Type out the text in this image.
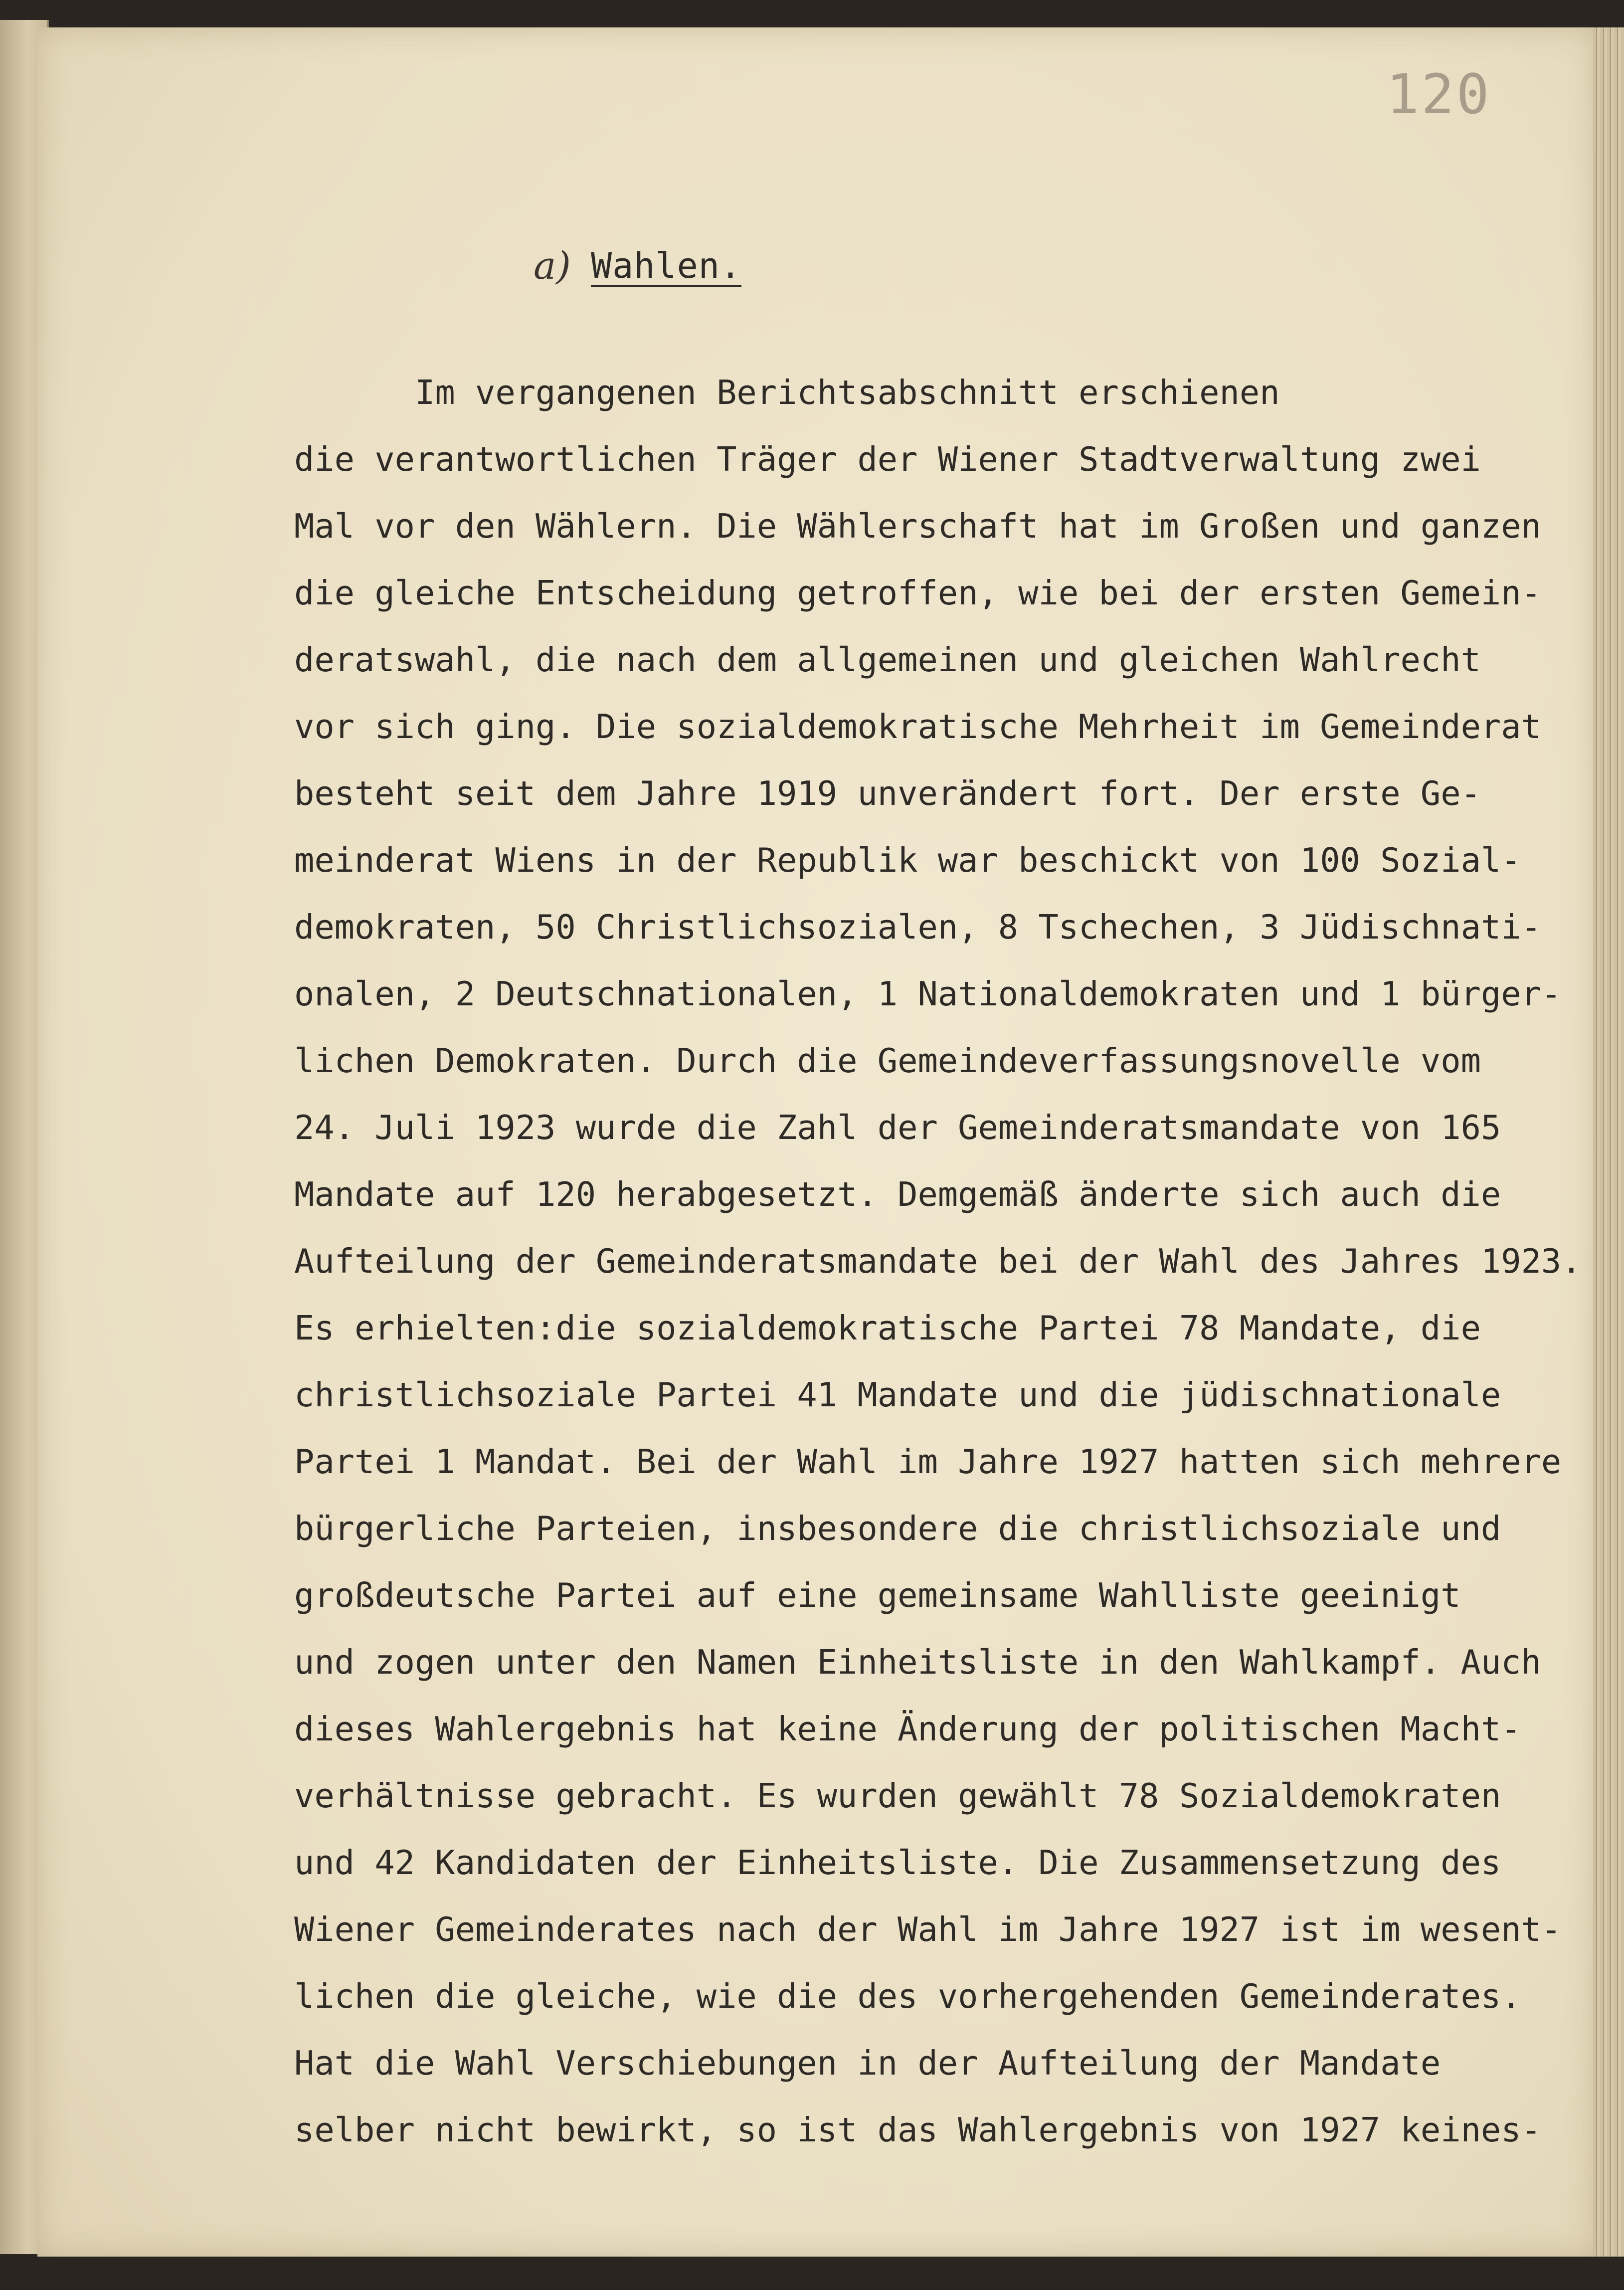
120
a) Wahlen.
Im vergangenen Berichtsabschnitt erschienen
die verantwortlichen Träger der Wiener Stadtverwaltung zwei
Mal vor den Wählern. Die Wählerschaft hat im Großen und ganzen
die gleiche Entscheidung getroffen, wie bei der ersten Gemein-
deratswahl, die nach dem allgemeinen und gleichen Wahlrecht
vor sich ging. Die sozialdemokratische Mehrheit im Gemeinderat
besteht seit dem Jahre 1919 unverändert fort. Der erste Ge-
meinderat Wiens in der Republik war beschickt von 100 Sozial-
demokraten, 50 Christlichsozialen, 8 Tschechen, 3 Jüdischnati-
onalen, 2 Deutschnationalen, 1 Nationaldemokraten und 1 bürger-
lichen Demokraten. Durch die Gemeindeverfassungsnovelle vom
24. Juli 1923 wurde die Zahl der Gemeinderatsmandate von 165
Mandate auf 120 herabgesetzt. Demgemäß änderte sich auch die
Aufteilung der Gemeinderatsmandate bei der Wahl des Jahres 1923.
Es erhielten:die sozialdemokratische Partei 78 Mandate, die
christlichsoziale Partei 41 Mandate und die jüdischnationale
Partei 1 Mandat. Bei der Wahl im Jahre 1927 hatten sich mehrere
bürgerliche Parteien, insbesondere die christlichsoziale und
großdeutsche Partei auf eine gemeinsame Wahlliste geeinigt
und zogen unter den Namen Einheitsliste in den Wahlkampf. Auch
dieses Wahlergebnis hat keine Änderung der politischen Macht-
verhältnisse gebracht. Es wurden gewählt 78 Sozialdemokraten
und 42 Kandidaten der Einheitsliste. Die Zusammensetzung des
Wiener Gemeinderates nach der Wahl im Jahre 1927 ist im wesent-
lichen die gleiche, wie die des vorhergehenden Gemeinderates.
Hat die Wahl Verschiebungen in der Aufteilung der Mandate
selber nicht bewirkt, so ist das Wahlergebnis von 1927 keines-
